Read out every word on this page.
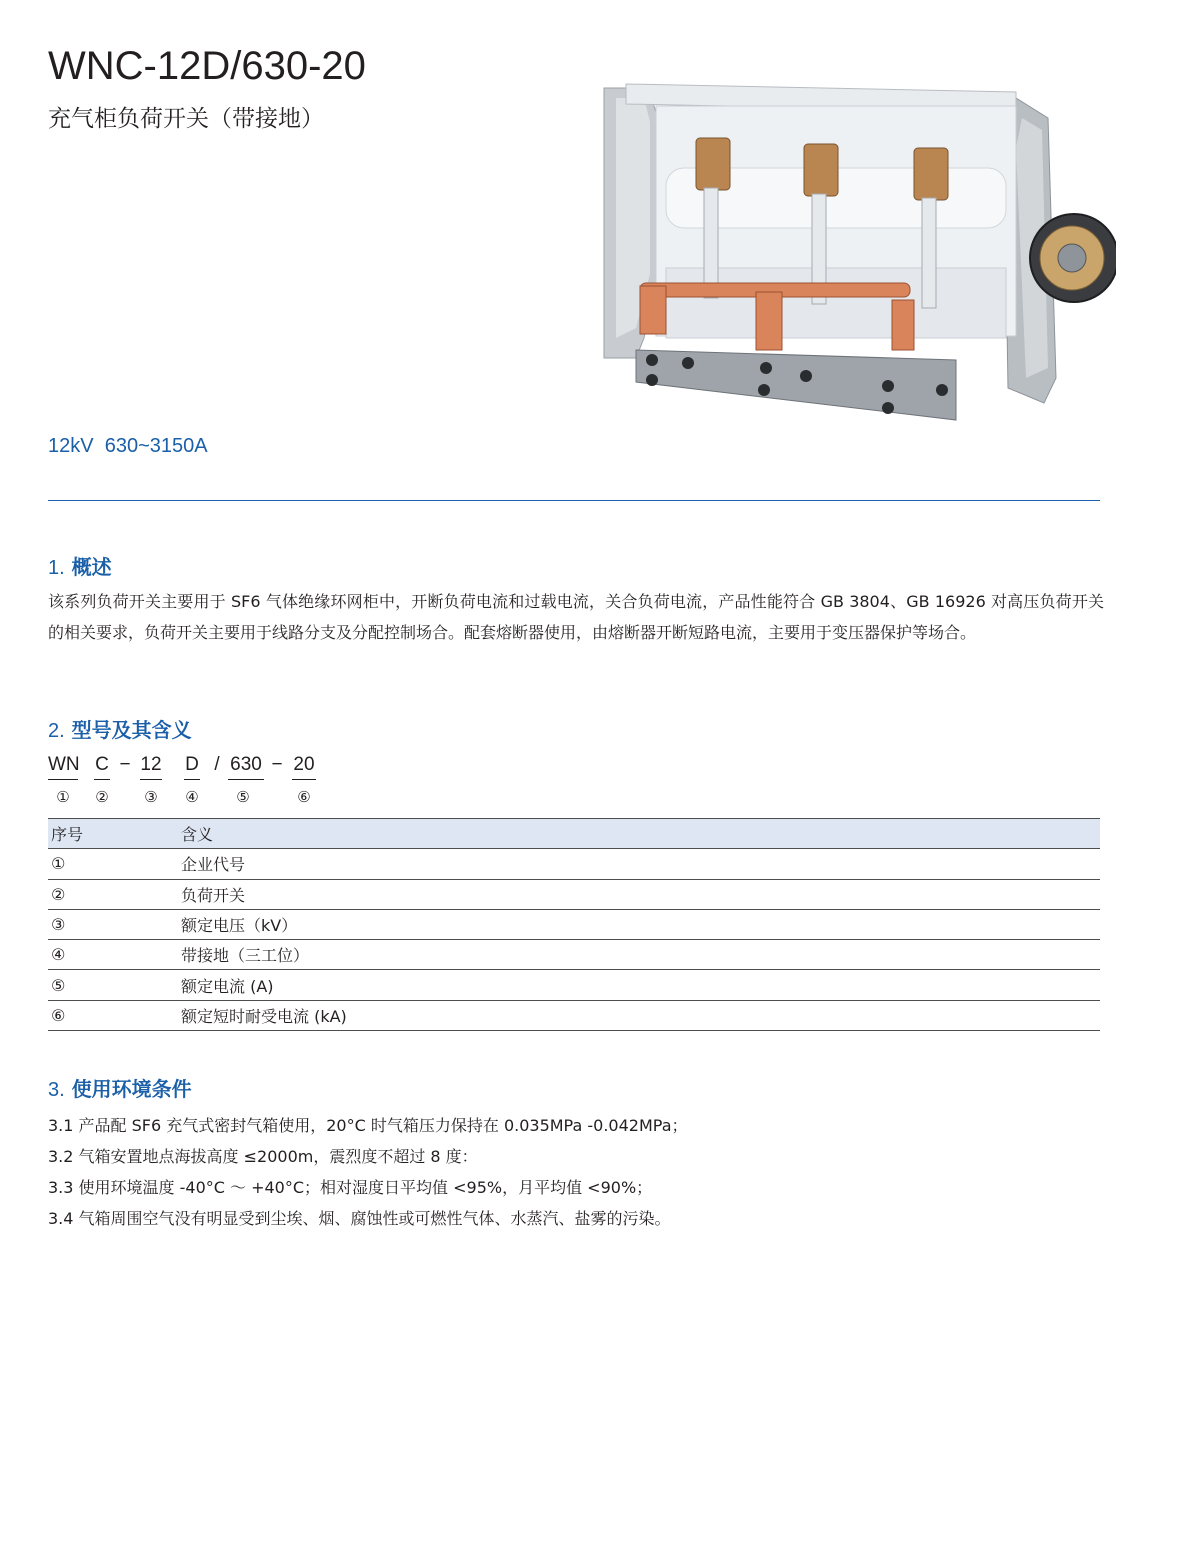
WNC-12D/630-20
充气柜负荷开关（带接地）
12kV  630~3150A
1. 概述
该系列负荷开关主要用于 SF6 气体绝缘环网柜中，开断负荷电流和过载电流，关合负荷电流，产品性能符合 GB 3804、GB 16926 对高压负荷开关的相关要求，负荷开关主要用于线路分支及分配控制场合。配套熔断器使用，由熔断器开断短路电流，主要用于变压器保护等场合。
2. 型号及其含义
WN C − 12 D / 630 − 20
①	②	③	④	⑤	⑥
序号	含义
①	企业代号
②	负荷开关
③	额定电压（kV）
④	带接地（三工位）
⑤	额定电流 (A)
⑥	额定短时耐受电流 (kA)
3. 使用环境条件
3.1 产品配 SF6 充气式密封气箱使用，20°C 时气箱压力保持在 0.035MPa -0.042MPa；
3.2 气箱安置地点海拔高度 ≤2000m，震烈度不超过 8 度：
3.3 使用环境温度 -40°C ～ +40°C；相对湿度日平均值 <95%，月平均值 <90%；
3.4 气箱周围空气没有明显受到尘埃、烟、腐蚀性或可燃性气体、水蒸汽、盐雾的污染。
